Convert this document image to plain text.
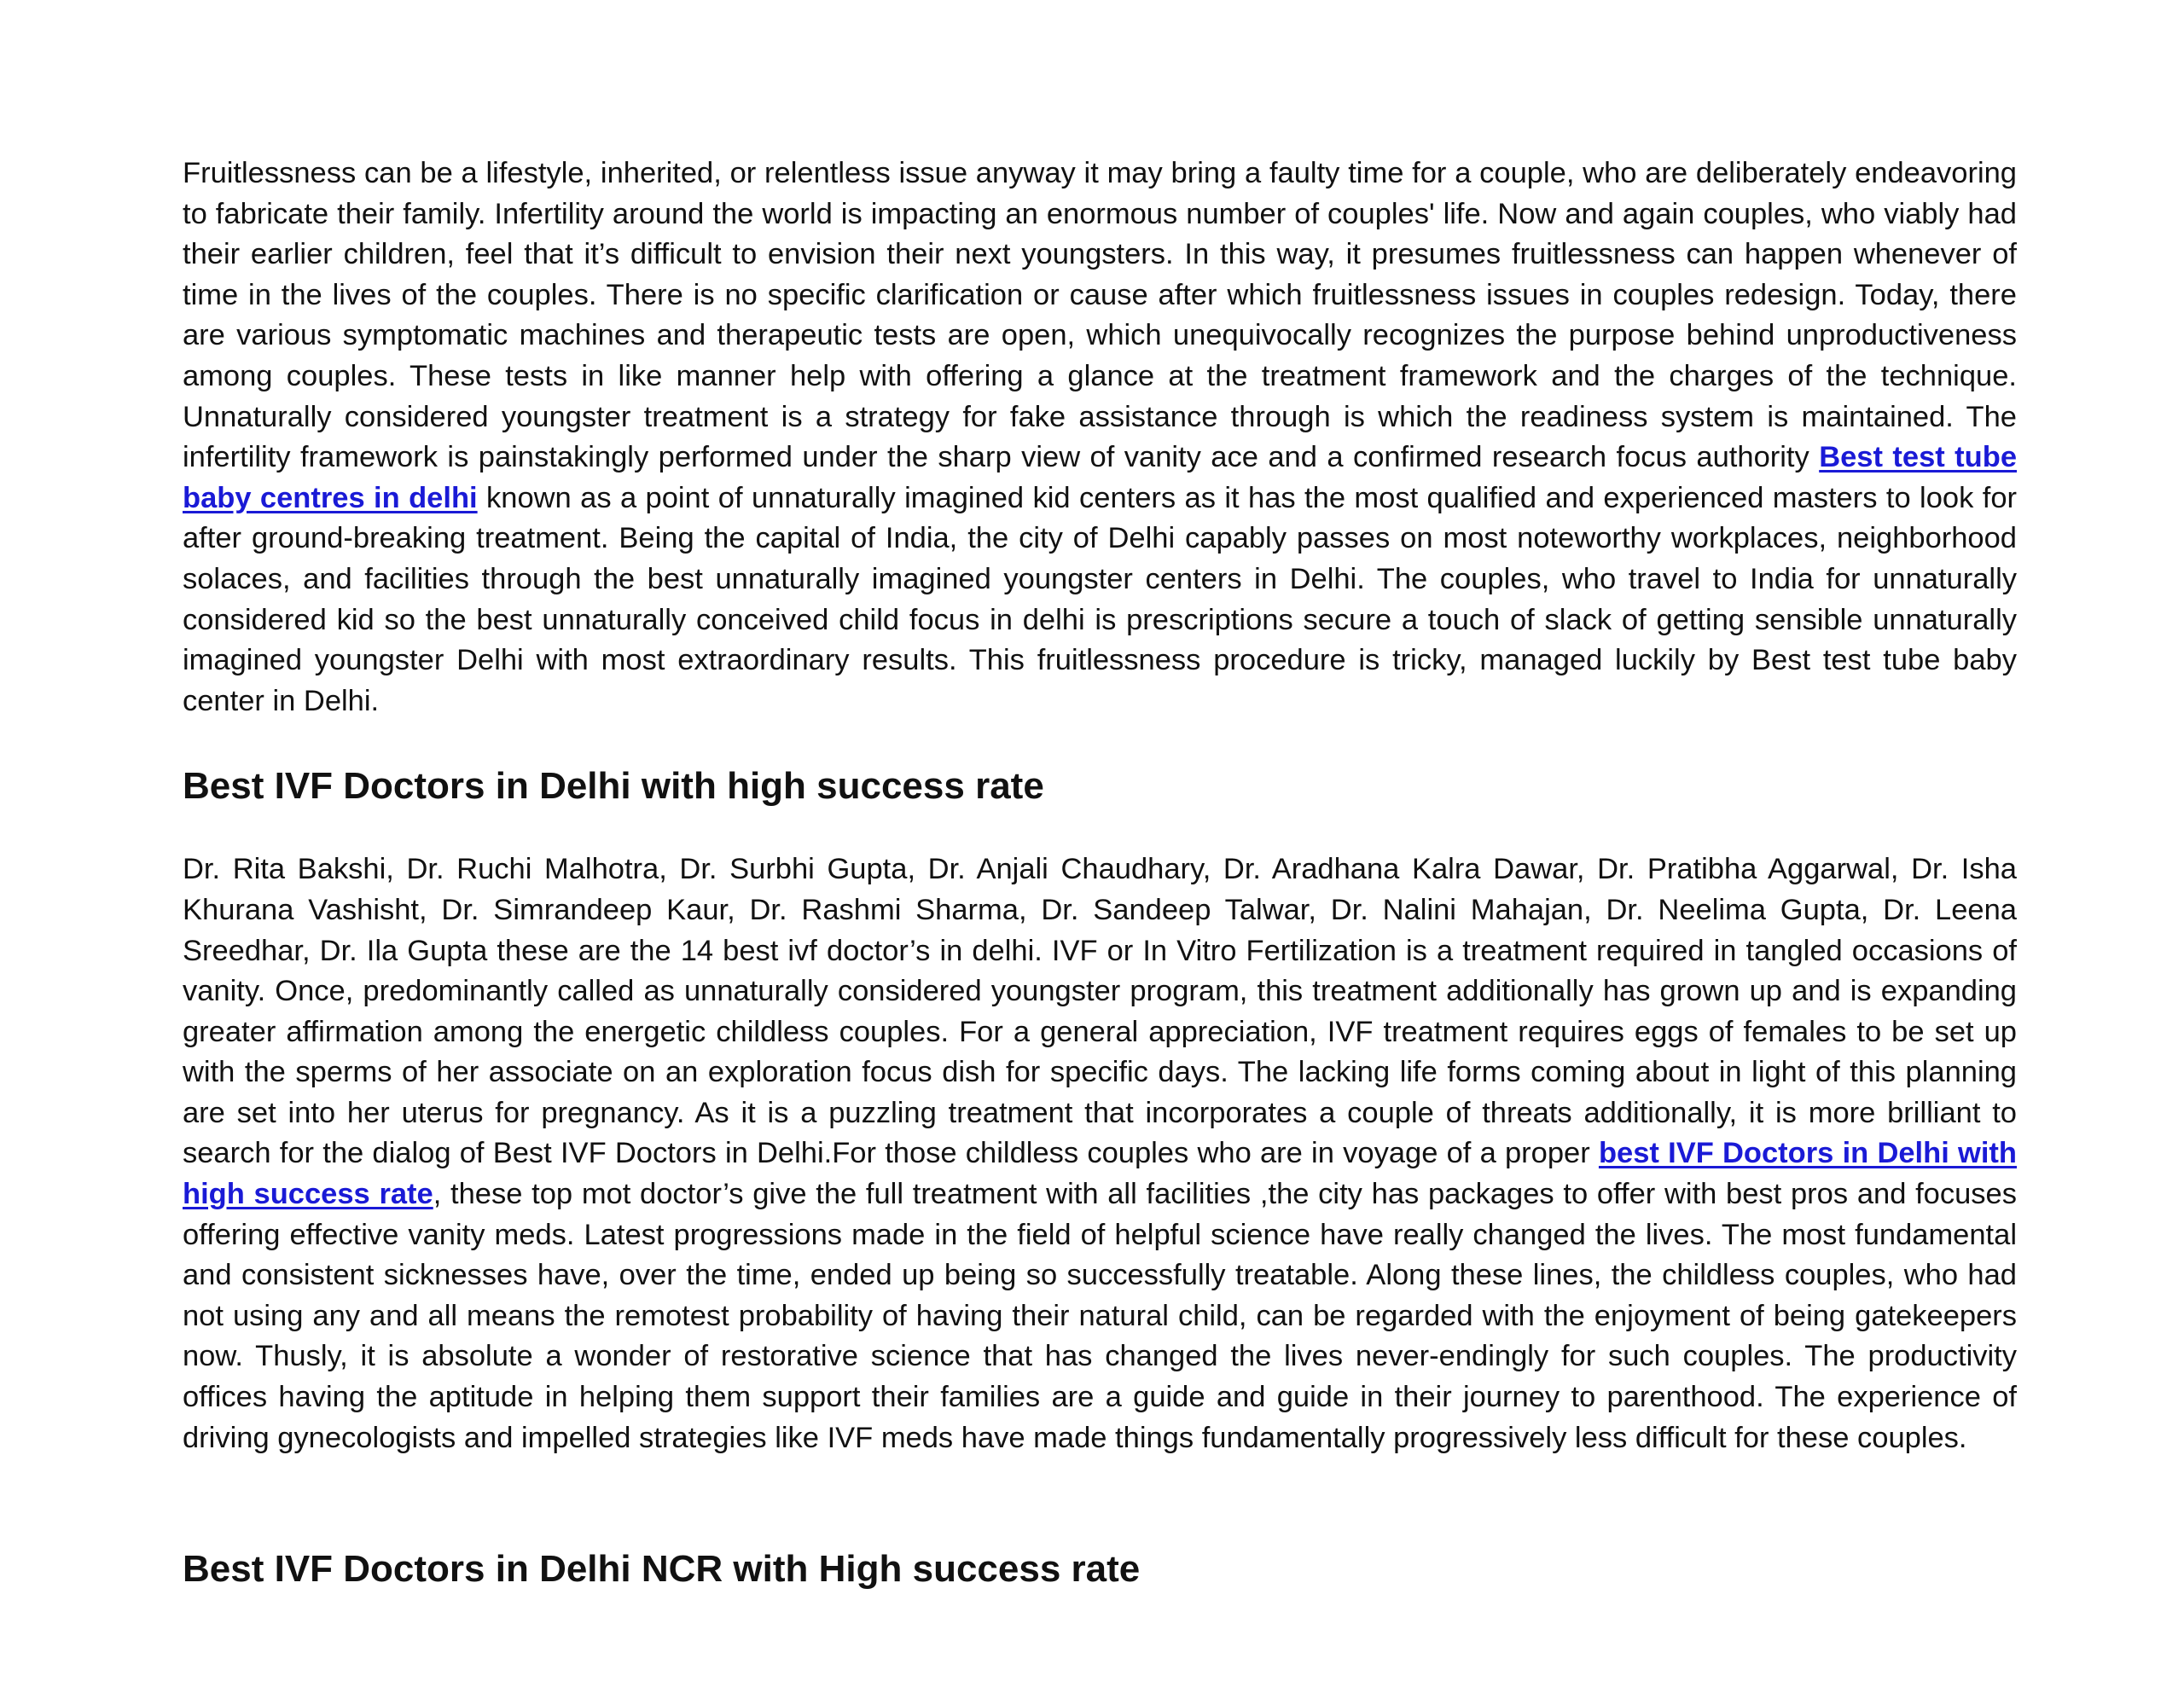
Fruitlessness can be a lifestyle, inherited, or relentless issue anyway it may bring a faulty time for a couple, who are deliberately endeavoring to fabricate their family. Infertility around the world is impacting an enormous number of couples' life. Now and again couples, who viably had their earlier children, feel that it’s difficult to envision their next youngsters. In this way, it presumes fruitlessness can happen whenever of time in the lives of the couples. There is no specific clarification or cause after which fruitlessness issues in couples redesign. Today, there are various symptomatic machines and therapeutic tests are open, which unequivocally recognizes the purpose behind unproductiveness among couples. These tests in like manner help with offering a glance at the treatment framework and the charges of the technique. Unnaturally considered youngster treatment is a strategy for fake assistance through is which the readiness system is maintained. The infertility framework is painstakingly performed under the sharp view of vanity ace and a confirmed research focus authority Best test tube baby centres in delhi known as a point of unnaturally imagined kid centers as it has the most qualified and experienced masters to look for after ground-breaking treatment. Being the capital of India, the city of Delhi capably passes on most noteworthy workplaces, neighborhood solaces, and facilities through the best unnaturally imagined youngster centers in Delhi. The couples, who travel to India for unnaturally considered kid so the best unnaturally conceived child focus in delhi is prescriptions secure a touch of slack of getting sensible unnaturally imagined youngster Delhi with most extraordinary results. This fruitlessness procedure is tricky, managed luckily by Best test tube baby center in Delhi.

Best IVF Doctors in Delhi with high success rate

Dr. Rita Bakshi, Dr. Ruchi Malhotra, Dr. Surbhi Gupta, Dr. Anjali Chaudhary, Dr. Aradhana Kalra Dawar, Dr. Pratibha Aggarwal, Dr. Isha Khurana Vashisht, Dr. Simrandeep Kaur, Dr. Rashmi Sharma, Dr. Sandeep Talwar, Dr. Nalini Mahajan, Dr. Neelima Gupta, Dr. Leena Sreedhar, Dr. Ila Gupta these are the 14 best ivf doctor’s in delhi. IVF or In Vitro Fertilization is a treatment required in tangled occasions of vanity. Once, predominantly called as unnaturally considered youngster program, this treatment additionally has grown up and is expanding greater affirmation among the energetic childless couples. For a general appreciation, IVF treatment requires eggs of females to be set up with the sperms of her associate on an exploration focus dish for specific days. The lacking life forms coming about in light of this planning are set into her uterus for pregnancy. As it is a puzzling treatment that incorporates a couple of threats additionally, it is more brilliant to search for the dialog of Best IVF Doctors in Delhi.For those childless couples who are in voyage of a proper best IVF Doctors in Delhi with high success rate, these top mot doctor’s give the full treatment with all facilities ,the city has packages to offer with best pros and focuses offering effective vanity meds. Latest progressions made in the field of helpful science have really changed the lives. The most fundamental and consistent sicknesses have, over the time, ended up being so successfully treatable. Along these lines, the childless couples, who had not using any and all means the remotest probability of having their natural child, can be regarded with the enjoyment of being gatekeepers now. Thusly, it is absolute a wonder of restorative science that has changed the lives never-endingly for such couples. The productivity offices having the aptitude in helping them support their families are a guide and guide in their journey to parenthood. The experience of driving gynecologists and impelled strategies like IVF meds have made things fundamentally progressively less difficult for these couples.

Best IVF Doctors in Delhi NCR with High success rate
